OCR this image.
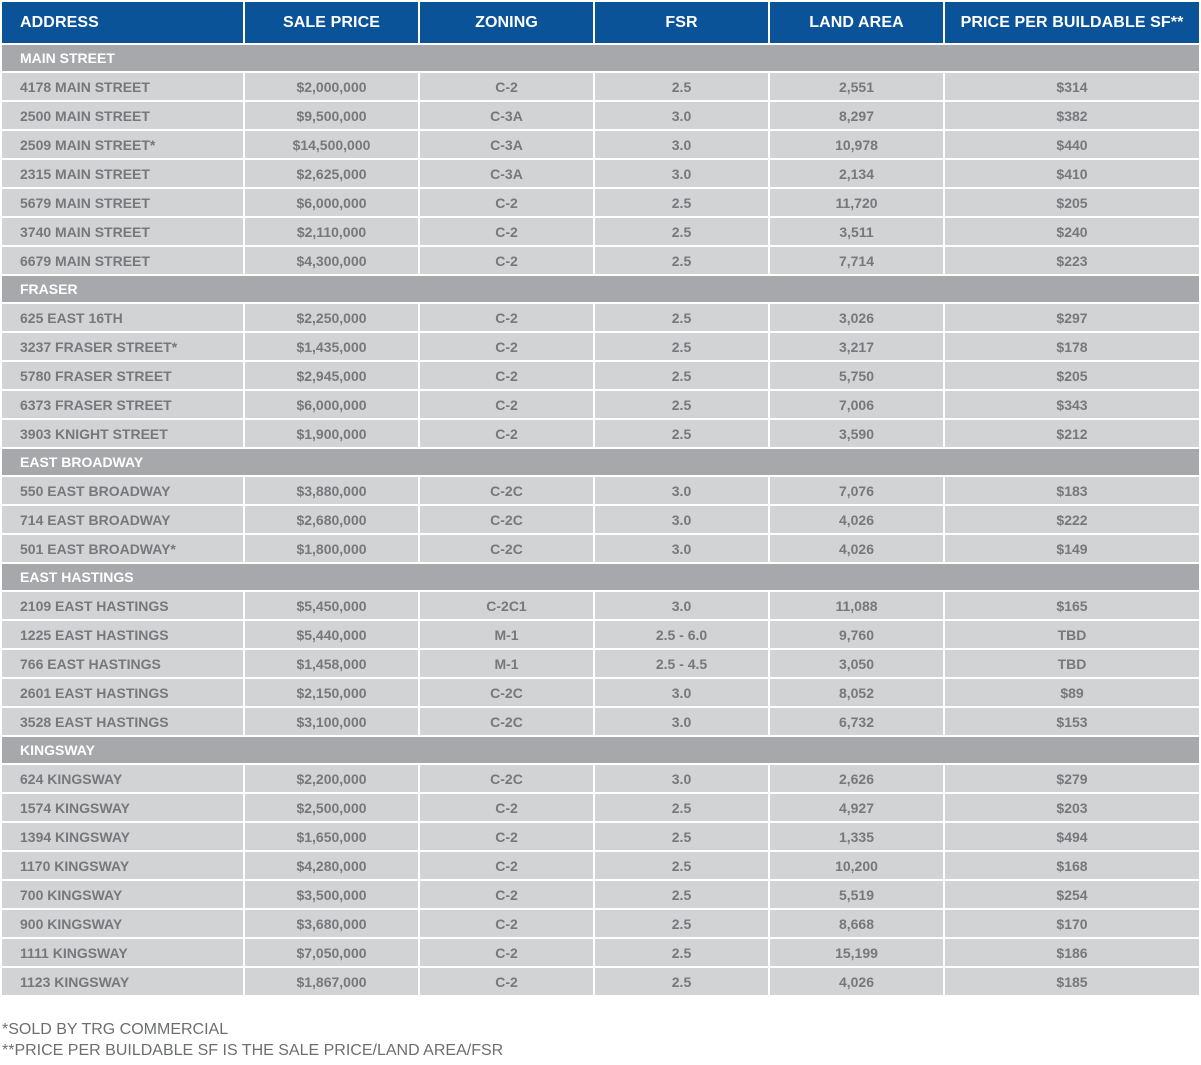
ADDRESS	SALE PRICE	ZONING	FSR	LAND AREA	PRICE PER BUILDABLE SF**
MAIN STREET					
4178 MAIN STREET	$2,000,000	C-2	2.5	2,551	$314
2500 MAIN STREET	$9,500,000	C-3A	3.0	8,297	$382
2509 MAIN STREET*	$14,500,000	C-3A	3.0	10,978	$440
2315 MAIN STREET	$2,625,000	C-3A	3.0	2,134	$410
5679 MAIN STREET	$6,000,000	C-2	2.5	11,720	$205
3740 MAIN STREET	$2,110,000	C-2	2.5	3,511	$240
6679 MAIN STREET	$4,300,000	C-2	2.5	7,714	$223
FRASER					
625 EAST 16TH	$2,250,000	C-2	2.5	3,026	$297
3237 FRASER STREET*	$1,435,000	C-2	2.5	3,217	$178
5780 FRASER STREET	$2,945,000	C-2	2.5	5,750	$205
6373 FRASER STREET	$6,000,000	C-2	2.5	7,006	$343
3903 KNIGHT STREET	$1,900,000	C-2	2.5	3,590	$212
EAST BROADWAY					
550 EAST BROADWAY	$3,880,000	C-2C	3.0	7,076	$183
714 EAST BROADWAY	$2,680,000	C-2C	3.0	4,026	$222
501 EAST BROADWAY*	$1,800,000	C-2C	3.0	4,026	$149
EAST HASTINGS					
2109 EAST HASTINGS	$5,450,000	C-2C1	3.0	11,088	$165
1225 EAST HASTINGS	$5,440,000	M-1	2.5 - 6.0	9,760	TBD
766 EAST HASTINGS	$1,458,000	M-1	2.5 - 4.5	3,050	TBD
2601 EAST HASTINGS	$2,150,000	C-2C	3.0	8,052	$89
3528 EAST HASTINGS	$3,100,000	C-2C	3.0	6,732	$153
KINGSWAY					
624 KINGSWAY	$2,200,000	C-2C	3.0	2,626	$279
1574 KINGSWAY	$2,500,000	C-2	2.5	4,927	$203
1394 KINGSWAY	$1,650,000	C-2	2.5	1,335	$494
1170 KINGSWAY	$4,280,000	C-2	2.5	10,200	$168
700 KINGSWAY	$3,500,000	C-2	2.5	5,519	$254
900 KINGSWAY	$3,680,000	C-2	2.5	8,668	$170
1111 KINGSWAY	$7,050,000	C-2	2.5	15,199	$186
1123 KINGSWAY	$1,867,000	C-2	2.5	4,026	$185
*SOLD BY TRG COMMERCIAL
**PRICE PER BUILDABLE SF IS THE SALE PRICE/LAND AREA/FSR
